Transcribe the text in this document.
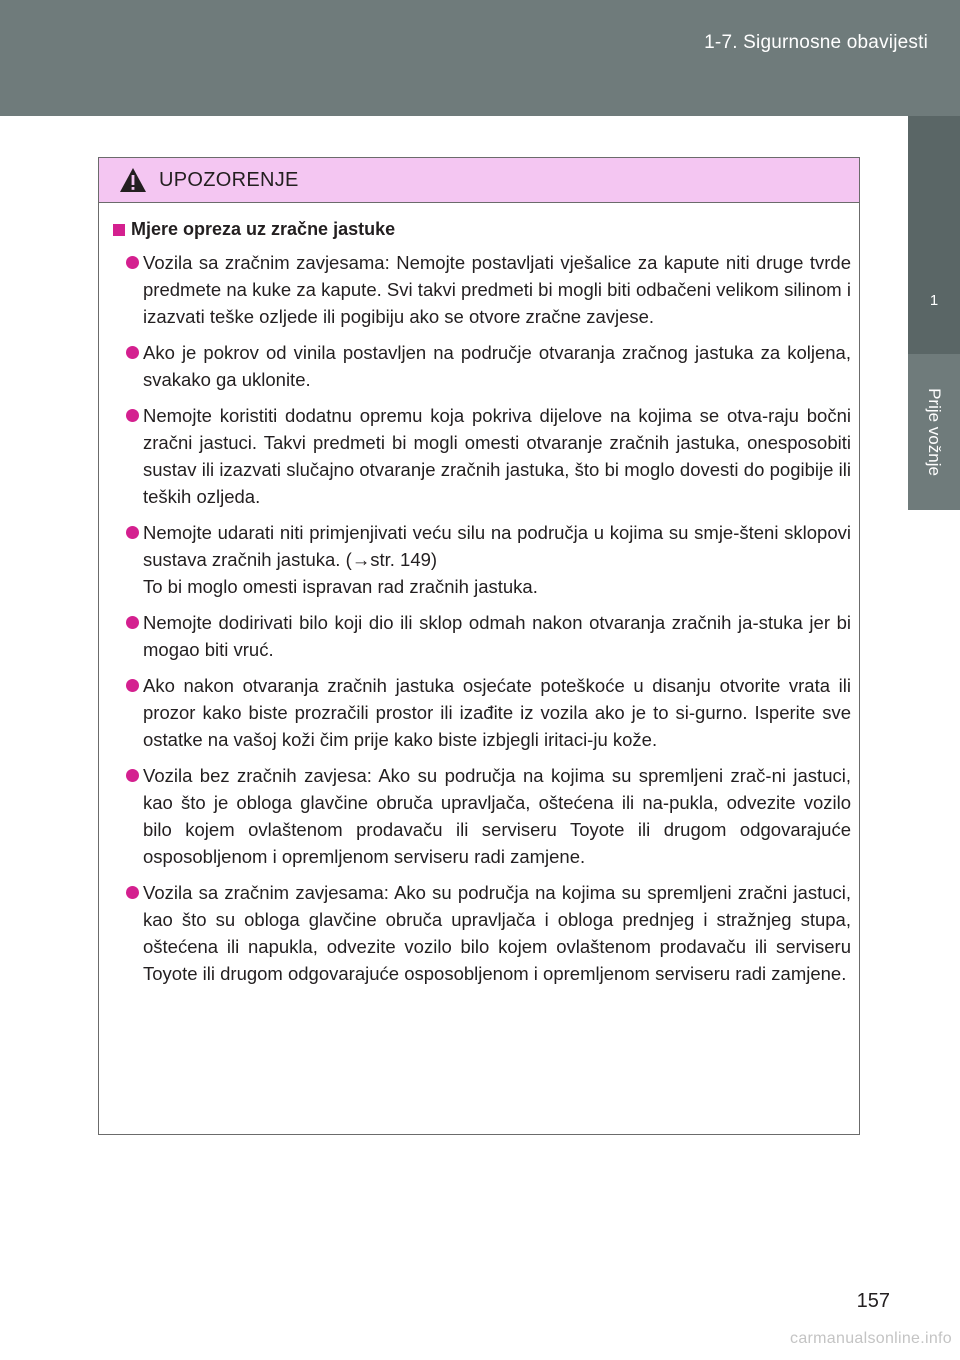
1-7. Sigurnosne obavijesti
1
Prije vožnje
UPOZORENJE
Mjere opreza uz zračne jastuke
Vozila sa zračnim zavjesama: Nemojte postavljati vješalice za kapute niti druge tvrde predmete na kuke za kapute. Svi takvi predmeti bi mogli biti odbačeni velikom silinom i izazvati teške ozljede ili pogibiju ako se otvore zračne zavjese.
Ako je pokrov od vinila postavljen na područje otvaranja zračnog jastuka za koljena, svakako ga uklonite.
Nemojte koristiti dodatnu opremu koja pokriva dijelove na kojima se otva-raju bočni zračni jastuci. Takvi predmeti bi mogli omesti otvaranje zračnih jastuka, onesposobiti sustav ili izazvati slučajno otvaranje zračnih jastuka, što bi moglo dovesti do pogibije ili teških ozljeda.
Nemojte udarati niti primjenjivati veću silu na područja u kojima su smje-šteni sklopovi sustava zračnih jastuka. (→str. 149)
To bi moglo omesti ispravan rad zračnih jastuka.
Nemojte dodirivati bilo koji dio ili sklop odmah nakon otvaranja zračnih ja-stuka jer bi mogao biti vruć.
Ako nakon otvaranja zračnih jastuka osjećate poteškoće u disanju otvorite vrata ili prozor kako biste prozračili prostor ili izađite iz vozila ako je to si-gurno. Isperite sve ostatke na vašoj koži čim prije kako biste izbjegli iritaci-ju kože.
Vozila bez zračnih zavjesa: Ako su područja na kojima su spremljeni zrač-ni jastuci, kao što je obloga glavčine obruča upravljača, oštećena ili na-pukla, odvezite vozilo bilo kojem ovlaštenom prodavaču ili serviseru Toyote ili drugom odgovarajuće osposobljenom i opremljenom serviseru radi zamjene.
Vozila sa zračnim zavjesama: Ako su područja na kojima su spremljeni zračni jastuci, kao što su obloga glavčine obruča upravljača i obloga prednjeg i stražnjeg stupa, oštećena ili napukla, odvezite vozilo bilo kojem ovlaštenom prodavaču ili serviseru Toyote ili drugom odgovarajuće osposobljenom i opremljenom serviseru radi zamjene.
157
carmanualsonline.info
